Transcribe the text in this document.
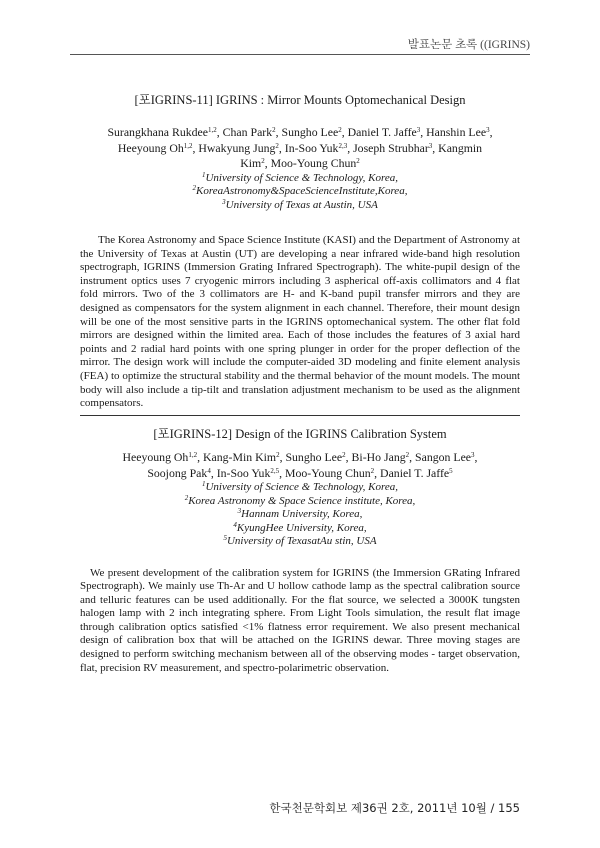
발표논문 초록 ((IGRINS)
[포IGRINS-11] IGRINS : Mirror Mounts Optomechanical Design
Surangkhana Rukdee$^{1,2}$, Chan Park$^2$, Sungho Lee$^2$, Daniel T. Jaffe$^3$, Hanshin Lee$^3$,
Heeyoung Oh$^{1,2}$, Hwakyung Jung$^2$, In-Soo Yuk$^{2,3}$, Joseph Strubhar$^3$, Kangmin
Kim$^2$, Moo-Young Chun$^2$
$^1$University of Science & Technology, Korea,
$^2$KoreaAstronomy&SpaceScienceInstitute,Korea,
$^3$University of Texas at Austin, USA
The Korea Astronomy and Space Science Institute (KASI) and the Department of Astronomy at the University of Texas at Austin (UT) are developing a near infrared wide-band high resolution spectrograph, IGRINS (Immersion Grating Infrared Spectrograph). The white-pupil design of the instrument optics uses 7 cryogenic mirrors including 3 aspherical off-axis collimators and 4 flat fold mirrors. Two of the 3 collimators are H- and K-band pupil transfer mirrors and they are designed as compensators for the system alignment in each channel. Therefore, their mount design will be one of the most sensitive parts in the IGRINS optomechanical system. The other flat fold mirrors are designed within the limited area. Each of those includes the features of 3 axial hard points and 2 radial hard points with one spring plunger in order for the proper deflection of the mirror. The design work will include the computer-aided 3D modeling and finite element analysis (FEA) to optimize the structural stability and the thermal behavior of the mount models. The mount body will also include a tip-tilt and translation adjustment mechanism to be used as the alignment compensators.
[포IGRINS-12] Design of the IGRINS Calibration System
Heeyoung Oh$^{1,2}$, Kang-Min Kim$^2$, Sungho Lee$^2$, Bi-Ho Jang$^2$, Sangon Lee$^3$,
Soojong Pak$^4$, In-Soo Yuk$^{2,5}$, Moo-Young Chun$^2$, Daniel T. Jaffe$^5$
$^1$University of Science & Technology, Korea,
$^2$Korea Astronomy & Space Science institute, Korea,
$^3$Hannam University, Korea,
$^4$KyungHee University, Korea,
$^5$University of TexasatAu stin, USA
We present development of the calibration system for IGRINS (the Immersion GRating Infrared Spectrograph). We mainly use Th-Ar and U hollow cathode lamp as the spectral calibration source and telluric features can be used additionally. For the flat source, we selected a 3000K tungsten halogen lamp with 2 inch integrating sphere. From Light Tools simulation, the result flat image through calibration optics satisfied <1% flatness error requirement. We also present mechanical design of calibration box that will be attached on the IGRINS dewar. Three moving stages are designed to perform switching mechanism between all of the observing modes - target observation, flat, precision RV measurement, and spectro-polarimetric observation.
한국천문학회보 제36권 2호, 2011년 10월 / 155
